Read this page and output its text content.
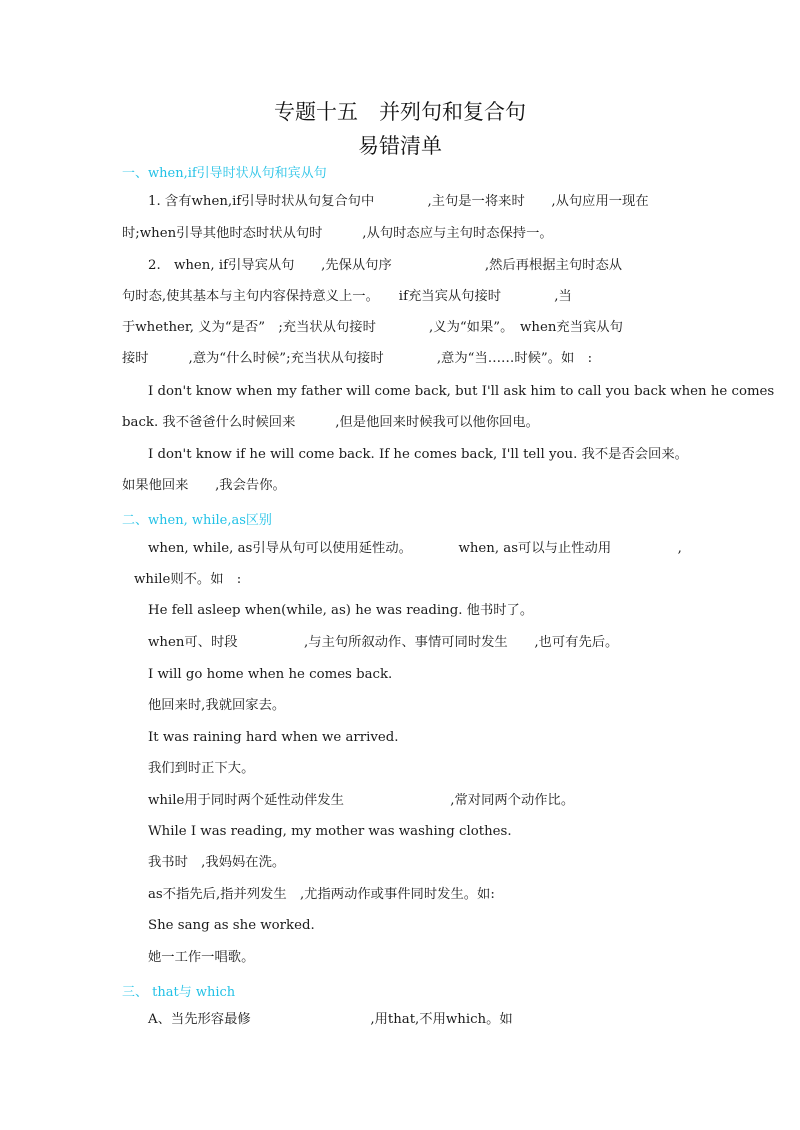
专题十五　并列句和复合句
易错清单
一、when,if引导时状从句和宾从句
1. 含有when,if引导时状从句复合句中　　　　,主句是一将来时　　,从句应用一现在
时;when引导其他时态时状从句时　　　,从句时态应与主句时态保持一。
2.　when, if引导宾从句　　,先保从句序　　　　　　　,然后再根据主句时态从
句时态,使其基本与主句内容保持意义上一。　　if充当宾从句接时　　　　,当
于whether, 义为“是否”　;充当状从句接时　　　　,义为“如果”。　when充当宾从句
接时　　　,意为“什么时候”;充当状从句接时　　　　,意为“当……时候”。如　:
I don't know when my father will come back, but I'll ask him to call you back when he comes
back. 我不爸爸什么时候回来　　　,但是他回来时候我可以他你回电。
I don't know if he will come back. If he comes back, I'll tell you. 我不是否会回来。
如果他回来　　,我会告你。
二、when, while,as区别
when, while, as引导从句可以使用延性动。　　　　when, as可以与止性动用　　　　　,
while则不。如　:
He fell asleep when(while, as) he was reading. 他书时了。
when可、时段　　　　　,与主句所叙动作、事情可同时发生　　,也可有先后。
I will go home when he comes back.
他回来时,我就回家去。
It was raining hard when we arrived.
我们到时正下大。
while用于同时两个延性动伴发生　　　　　　　　,常对同两个动作比。
While I was reading, my mother was washing clothes.
我书时　,我妈妈在洗。
as不指先后,指并列发生　,尤指两动作或事件同时发生。如:
She sang as she worked.
她一工作一唱歌。
三、 that与 which
A、当先形容最修　　　　　　　　　,用that,不用which。如
